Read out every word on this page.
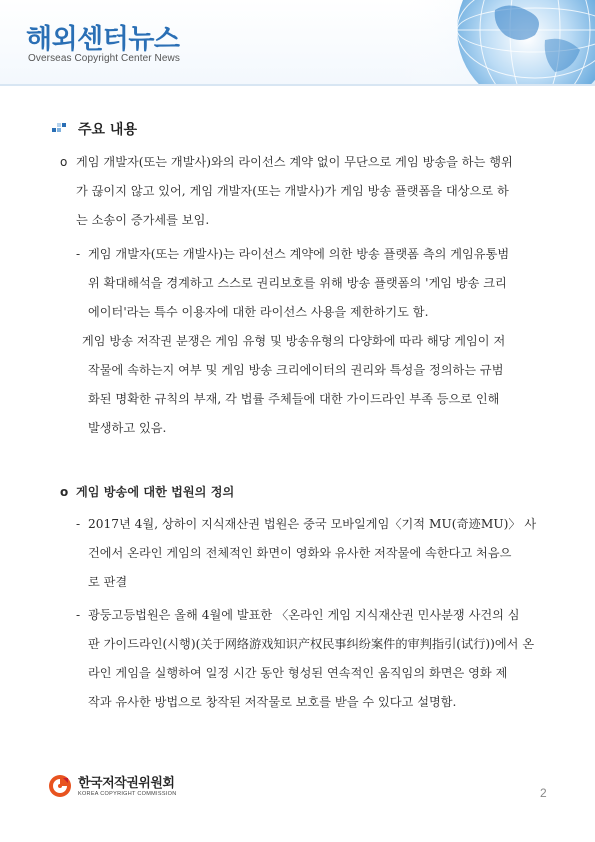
해외센터뉴스
Overseas Copyright Center News
주요 내용
o 게임 개발자(또는 개발사)와의 라이선스 계약 없이 무단으로 게임 방송을 하는 행위
가 끊이지 않고 있어, 게임 개발자(또는 개발사)가 게임 방송 플랫폼을 대상으로 하
는 소송이 증가세를 보임.
- 게임 개발자(또는 개발사)는 라이선스 계약에 의한 방송 플랫폼 측의 게임유통범
위 확대해석을 경계하고 스스로 권리보호를 위해 방송 플랫폼의 '게임 방송 크리
에이터'라는 특수 이용자에 대한 라이선스 사용을 제한하기도 함.
게임 방송 저작권 분쟁은 게임 유형 및 방송유형의 다양화에 따라 해당 게임이 저
작물에 속하는지 여부 및 게임 방송 크리에이터의 권리와 특성을 정의하는 규범
화된 명확한 규칙의 부재, 각 법률 주체들에 대한 가이드라인 부족 등으로 인해
발생하고 있음.
o 게임 방송에 대한 법원의 정의
- 2017년 4월, 상하이 지식재산권 법원은 중국 모바일게임〈기적 MU(奇迹MU)〉 사
건에서 온라인 게임의 전체적인 화면이 영화와 유사한 저작물에 속한다고 처음으
로 판결
- 광둥고등법원은 올해 4월에 발표한 〈온라인 게임 지식재산권 민사분쟁 사건의 심
판 가이드라인(시행)(关于网络游戏知识产权民事纠纷案件的审判指引(试行))에서 온
라인 게임을 실행하여 일정 시간 동안 형성된 연속적인 움직임의 화면은 영화 제
작과 유사한 방법으로 창작된 저작물로 보호를 받을 수 있다고 설명함.
한국저작권위원회
KOREA COPYRIGHT COMMISSION	2
